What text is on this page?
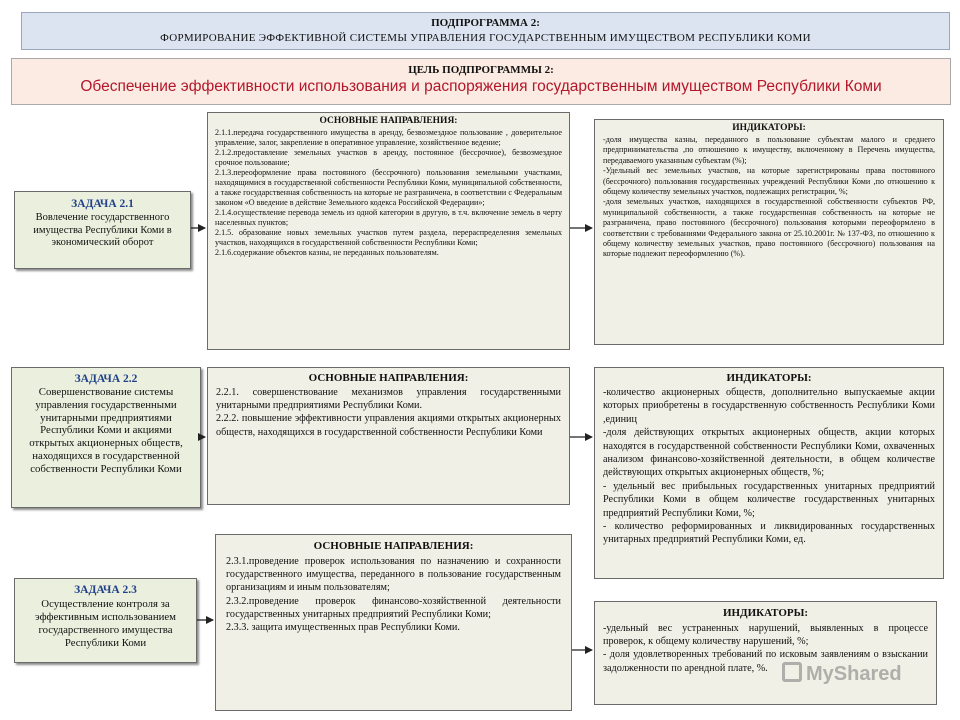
ПОДПРОГРАММА 2:
ФОРМИРОВАНИЕ ЭФФЕКТИВНОЙ СИСТЕМЫ УПРАВЛЕНИЯ ГОСУДАРСТВЕННЫМ ИМУЩЕСТВОМ РЕСПУБЛИКИ КОМИ
ЦЕЛЬ ПОДПРОГРАММЫ 2:
Обеспечение эффективности использования и распоряжения государственным имуществом Республики Коми
ЗАДАЧА 2.1
Вовлечение государственного имущества Республики Коми в экономический оборот
ОСНОВНЫЕ НАПРАВЛЕНИЯ:
2.1.1.передача государственного имущества в аренду, безвозмездное пользование , доверительное управление, залог, закрепление в оперативное управление, хозяйственное ведение;
2.1.2.предоставление земельных участков в аренду, постоянное (бессрочное), безвозмездное срочное пользование;
2.1.3.переоформление права постоянного (бессрочного) пользования земельными участками, находящимися в государственной собственности Республики Коми, муниципальной собственности, а также государственная собственность на которые не разграничена, в соответствии с Федеральным законом «О введение в действие Земельного кодекса Российской Федерации»;
2.1.4.осуществление перевода земель из одной категории в другую, в т.ч. включение земель в черту населенных пунктов;
2.1.5. образование новых земельных участков путем раздела, перераспределения земельных участков, находящихся в государственной собственности Республики Коми;
2.1.6.содержание объектов казны, не переданных пользователям.
ИНДИКАТОРЫ:
-доля имущества казны, переданного в пользование субъектам малого и среднего предпринимательства ,по отношению к имуществу, включенному в Перечень имущества, передаваемого указанным субъектам (%);
-Удельный вес земельных участков, на которые зарегистрированы права постоянного (бессрочного) пользования государственных учреждений Республики Коми ,по отношению к общему количеству земельных участков, подлежащих регистрации, %;
-доля земельных участков, находящихся в государственной собственности субъектов РФ, муниципальной собственности, а также государственная собственность на которые не разграничена, право постоянного (бессрочного) пользования которыми переоформлено в соответствии с требованиями Федерального закона от 25.10.2001г. № 137-ФЗ, по отношению к общему количеству земельных участков, право постоянного (бессрочного) пользования на которые подлежит переоформлению (%).
ЗАДАЧА 2.2
Совершенствование системы управления государственными унитарными предприятиями Республики Коми и акциями открытых акционерных обществ, находящихся в государственной собственности Республики Коми
ОСНОВНЫЕ НАПРАВЛЕНИЯ:
2.2.1. совершенствование механизмов управления государственными унитарными предприятиями Республики Коми.
2.2.2. повышение эффективности управления акциями открытых акционерных обществ, находящихся в государственной собственности Республики Коми
ИНДИКАТОРЫ:
-количество акционерных обществ, дополнительно выпускаемые акции которых приобретены в государственную собственность Республики Коми ,единиц
-доля действующих открытых акционерных обществ, акции которых находятся в государственной собственности Республики Коми, охваченных анализом финансово-хозяйственной деятельности, в общем количестве действующих открытых акционерных обществ, %;
- удельный вес прибыльных государственных унитарных предприятий Республики Коми в общем количестве государственных унитарных предприятий Республики Коми, %;
- количество реформированных и ликвидированных государственных унитарных предприятий Республики Коми, ед.
ЗАДАЧА 2.3
Осуществление контроля за эффективным использованием государственного имущества Республики Коми
ОСНОВНЫЕ НАПРАВЛЕНИЯ:
2.3.1.проведение проверок использования по назначению и сохранности государственного имущества, переданного в пользование государственным организациям и иным пользователям;
2.3.2.проведение проверок финансово-хозяйственной деятельности государственных унитарных предприятий Республики Коми;
2.3.3. защита имущественных прав Республики Коми.
ИНДИКАТОРЫ:
-удельный вес устраненных нарушений, выявленных в процессе проверок, к общему количеству нарушений, %;
- доля удовлетворенных требований по исковым заявлениям о взыскании задолженности по арендной плате, %.	MyShared
